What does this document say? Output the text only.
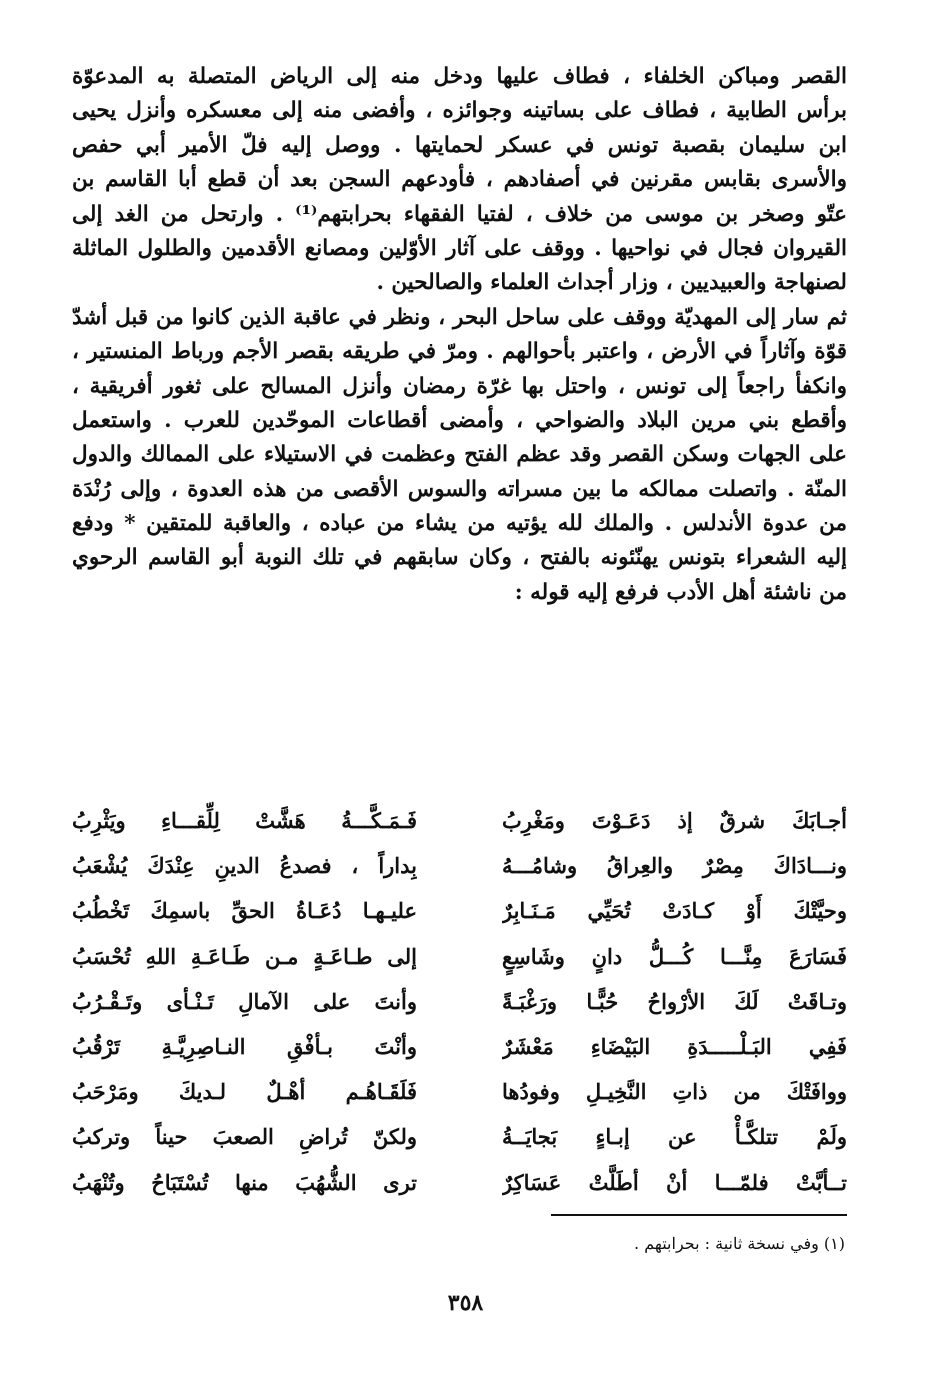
القصر ومباكن الخلفاء ، فطاف عليها ودخل منه إلى الرياض المتصلة به المدعوّة
برأس الطابية ، فطاف على بساتينه وجوائزه ، وأفضى منه إلى معسكره وأنزل يحيى
ابن سليمان بقصبة تونس في عسكر لحمايتها . ووصل إليه فلّ الأمير أبي حفص
والأسرى بقابس مقرنين في أصفادهم ، فأودعهم السجن بعد أن قطع أبا القاسم بن
عتّو وصخر بن موسى من خلاف ، لفتيا الفقهاء بحرابتهم⁽¹⁾ . وارتحل من الغد إلى
القيروان فجال في نواحيها . ووقف على آثار الأوّلين ومصانع الأقدمين والطلول الماثلة
لصنهاجة والعبيديين ، وزار أجداث العلماء والصالحين .
ثم سار إلى المهديّة ووقف على ساحل البحر ، ونظر في عاقبة الذين كانوا من قبل أشدّ
قوّة وآثاراً في الأرض ، واعتبر بأحوالهم . ومرّ في طريقه بقصر الأجم ورباط المنستير ،
وانكفأ راجعاً إلى تونس ، واحتل بها غرّة رمضان وأنزل المسالح على ثغور أفريقية ،
وأقطع بني مرين البلاد والضواحي ، وأمضى أقطاعات الموحّدين للعرب . واستعمل
على الجهات وسكن القصر وقد عظم الفتح وعظمت في الاستيلاء على الممالك والدول
المنّة . واتصلت ممالكه ما بين مسراته والسوس الأقصى من هذه العدوة ، وإلى رُنْدَة
من عدوة الأندلس . والملك لله يؤتيه من يشاء من عباده ، والعاقبة للمتقين * ودفع
إليه الشعراء بتونس يهنّئونه بالفتح ، وكان سابقهم في تلك النوبة أبو القاسم الرحوي
من ناشئة أهل الأدب فرفع إليه قوله :
أجـابَكَ شرقٌ إذ دَعَـوْتَ ومَغْرِبُ
فَـمَـكَّـــةُ هَشَّتْ لِلِّقـــاءِ ويَثْرِبُ
ونـــادَاكَ مِصْرٌ والعِراقُ وشامُـــهُ
بِداراً ، فصدعُ الدينِ عِنْدَكَ يُشْعَبُ
وحيَّتْكَ أَوْ كـادَتْ تُحَيِّي مَـنَـابِرٌ
عليـهـا دُعَـاةُ الحقِّ باسمِكَ تَخْطُبُ
فَسَارَعَ مِنَّـــا كُـــلُّ دانٍ وشَاسِعٍ
إلى طـاعَـةٍ مـن طَـاعَـةِ اللهِ تُحْسَبُ
وتـاقَتْ لَكَ الأرْواحُ حُبًّـا ورَغْبَـةً
وأنتَ على الآمالِ تَـنْـأى وتَـقْـرُبُ
فَفِي البَـلْـــــدَةِ البَيْضَاءِ مَعْشَرٌ
وأنْتَ بـأفْقِ النـاصِرِيَّـةِ تَرْقُبُ
ووافَتْكَ من ذاتِ النَّخِيـلِ وفودُها
فَلَقَـاهُـم أهْـلٌ لـديكَ ومَرْحَبُ
ولَمْ تتلكَّـأْ عن إبـاءٍ بَجايَــةُ
ولكنّ تُراضِ الصعبَ حيناً وتركبُ
تــأبَّتْ فلمّـــا أنْ أطَلَّتْ عَسَاكِرٌ
ترى الشُّهُبَ منها تُسْتَبَاحُ وتُنْهَبُ
(١) وفي نسخة ثانية : بحرابتهم .
٣٥٨
